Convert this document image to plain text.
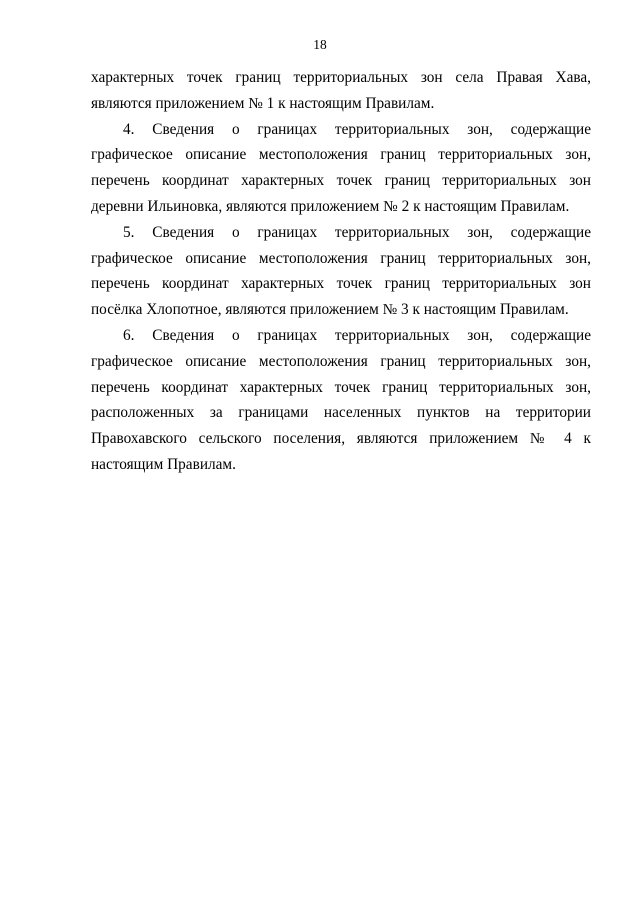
18

характерных точек границ территориальных зон села Правая Хава, являются приложением № 1 к настоящим Правилам.

4. Сведения о границах территориальных зон, содержащие графическое описание местоположения границ территориальных зон, перечень координат характерных точек границ территориальных зон деревни Ильиновка, являются приложением № 2 к настоящим Правилам.

5. Сведения о границах территориальных зон, содержащие графическое описание местоположения границ территориальных зон, перечень координат характерных точек границ территориальных зон посёлка Хлопотное, являются приложением № 3 к настоящим Правилам.

6. Сведения о границах территориальных зон, содержащие графическое описание местоположения границ территориальных зон, перечень координат характерных точек границ территориальных зон, расположенных за границами населенных пунктов на территории Правохавского сельского поселения, являются приложением № 4 к настоящим Правилам.
